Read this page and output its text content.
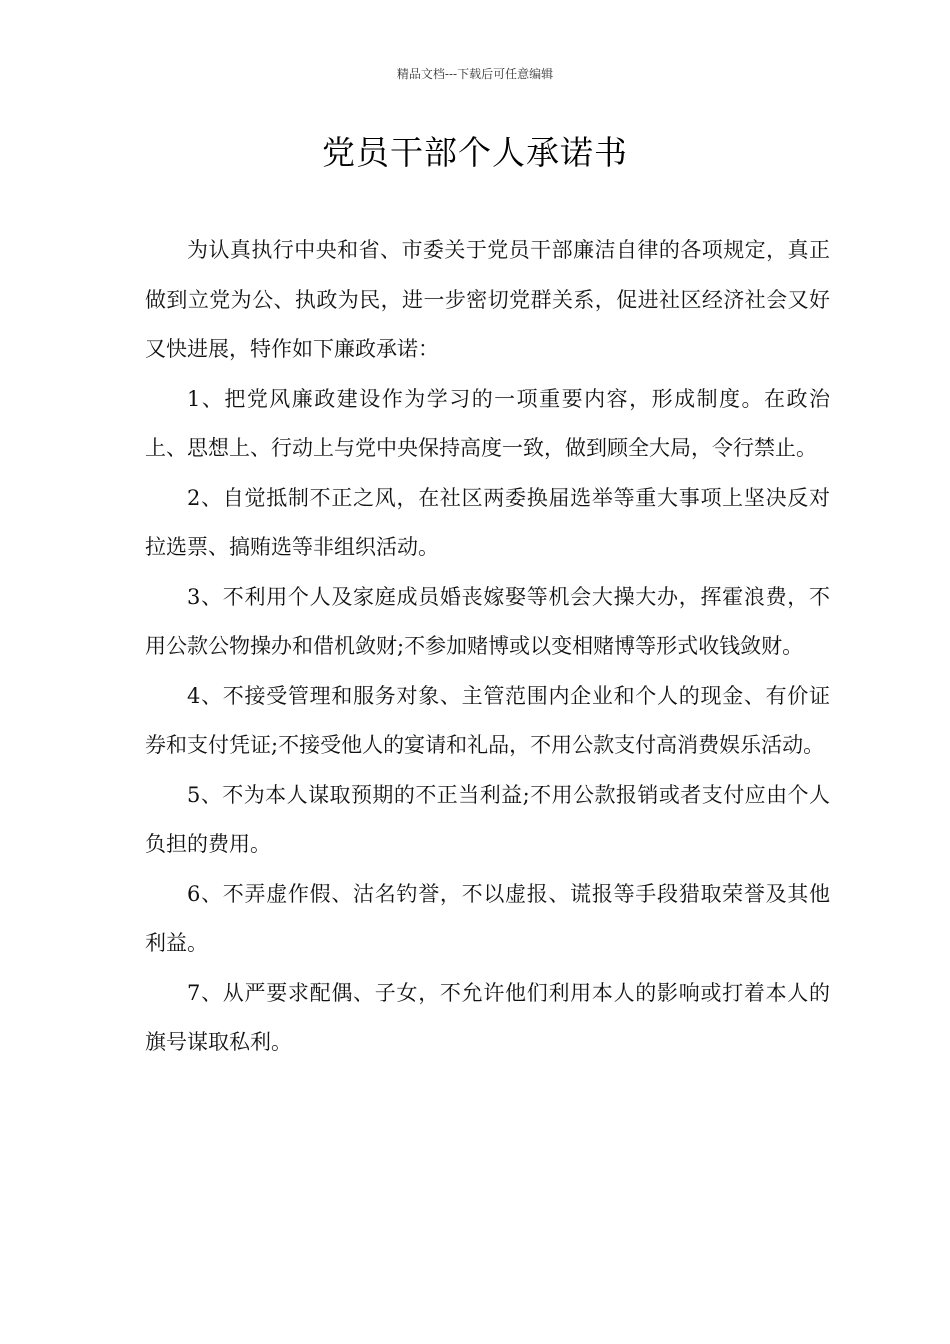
精品文档---下载后可任意编辑
党员干部个人承诺书

为认真执行中央和省、市委关于党员干部廉洁自律的各项规定，真正做到立党为公、执政为民，进一步密切党群关系，促进社区经济社会又好又快进展，特作如下廉政承诺：

1、把党风廉政建设作为学习的一项重要内容，形成制度。在政治上、思想上、行动上与党中央保持高度一致，做到顾全大局，令行禁止。

2、自觉抵制不正之风，在社区两委换届选举等重大事项上坚决反对拉选票、搞贿选等非组织活动。

3、不利用个人及家庭成员婚丧嫁娶等机会大操大办，挥霍浪费，不用公款公物操办和借机敛财;不参加赌博或以变相赌博等形式收钱敛财。

4、不接受管理和服务对象、主管范围内企业和个人的现金、有价证券和支付凭证;不接受他人的宴请和礼品，不用公款支付高消费娱乐活动。

5、不为本人谋取预期的不正当利益;不用公款报销或者支付应由个人负担的费用。

6、不弄虚作假、沽名钓誉，不以虚报、谎报等手段猎取荣誉及其他利益。

7、从严要求配偶、子女，不允许他们利用本人的影响或打着本人的旗号谋取私利。
